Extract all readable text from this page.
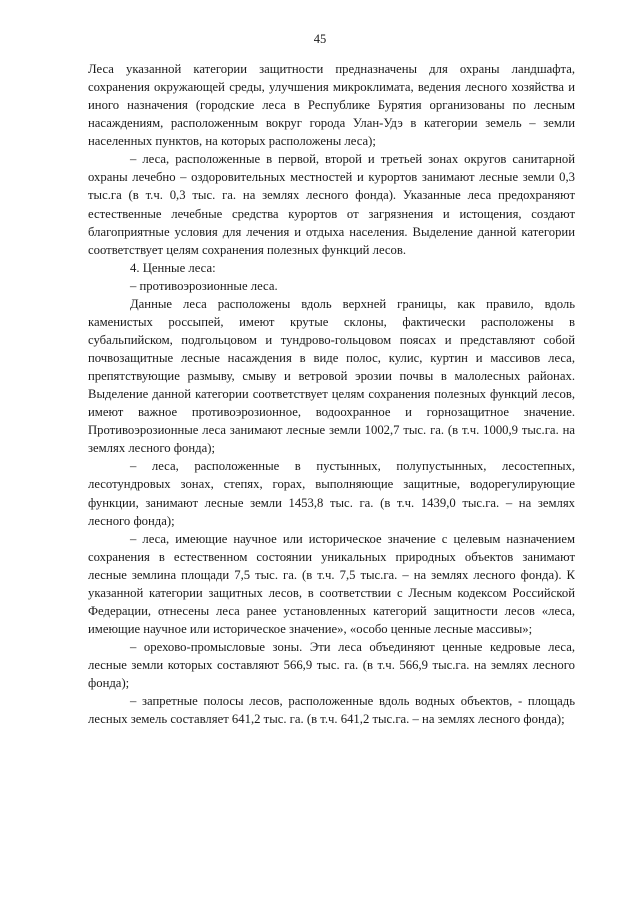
45

Леса указанной категории защитности предназначены для охраны ландшафта, сохранения окружающей среды, улучшения микроклимата, ведения лесного хозяйства и иного назначения (городские леса в Республике Бурятия организованы по лесным насаждениям, расположенным вокруг города Улан-Удэ в категории земель – земли населенных пунктов, на которых расположены леса);

– леса, расположенные в первой, второй и третьей зонах округов санитарной охраны лечебно – оздоровительных местностей и курортов занимают лесные земли 0,3 тыс.га (в т.ч. 0,3 тыс. га. на землях лесного фонда). Указанные леса предохраняют естественные лечебные средства курортов от загрязнения и истощения, создают благоприятные условия для лечения и отдыха населения. Выделение данной категории соответствует целям сохранения полезных функций лесов.

4. Ценные леса:

– противоэрозионные леса.

Данные леса расположены вдоль верхней границы, как правило, вдоль каменистых россыпей, имеют крутые склоны, фактически расположены в субальпийском, подгольцовом и тундрово-гольцовом поясах и представляют собой почвозащитные лесные насаждения в виде полос, кулис, куртин и массивов леса, препятствующие размыву, смыву и ветровой эрозии почвы в малолесных районах. Выделение данной категории соответствует целям сохранения полезных функций лесов, имеют важное противоэрозионное, водоохранное и горнозащитное значение. Противоэрозионные леса занимают лесные земли 1002,7 тыс. га. (в т.ч. 1000,9 тыс.га. на землях лесного фонда);

– леса, расположенные в пустынных, полупустынных, лесостепных, лесотундровых зонах, степях, горах, выполняющие защитные, водорегулирующие функции, занимают лесные земли 1453,8 тыс. га. (в т.ч. 1439,0 тыс.га. – на землях лесного фонда);

– леса, имеющие научное или историческое значение с целевым назначением сохранения в естественном состоянии уникальных природных объектов занимают лесные землина площади 7,5 тыс. га. (в т.ч. 7,5 тыс.га. – на землях лесного фонда). К указанной категории защитных лесов, в соответствии с Лесным кодексом Российской Федерации, отнесены леса ранее установленных категорий защитности лесов «леса, имеющие научное или историческое значение», «особо ценные лесные массивы»;

– орехово-промысловые зоны. Эти леса объединяют ценные кедровые леса, лесные земли которых составляют 566,9 тыс. га. (в т.ч. 566,9 тыс.га. на землях лесного фонда);

– запретные полосы лесов, расположенные вдоль водных объектов, - площадь лесных земель составляет 641,2 тыс. га. (в т.ч. 641,2 тыс.га. – на землях лесного фонда);
